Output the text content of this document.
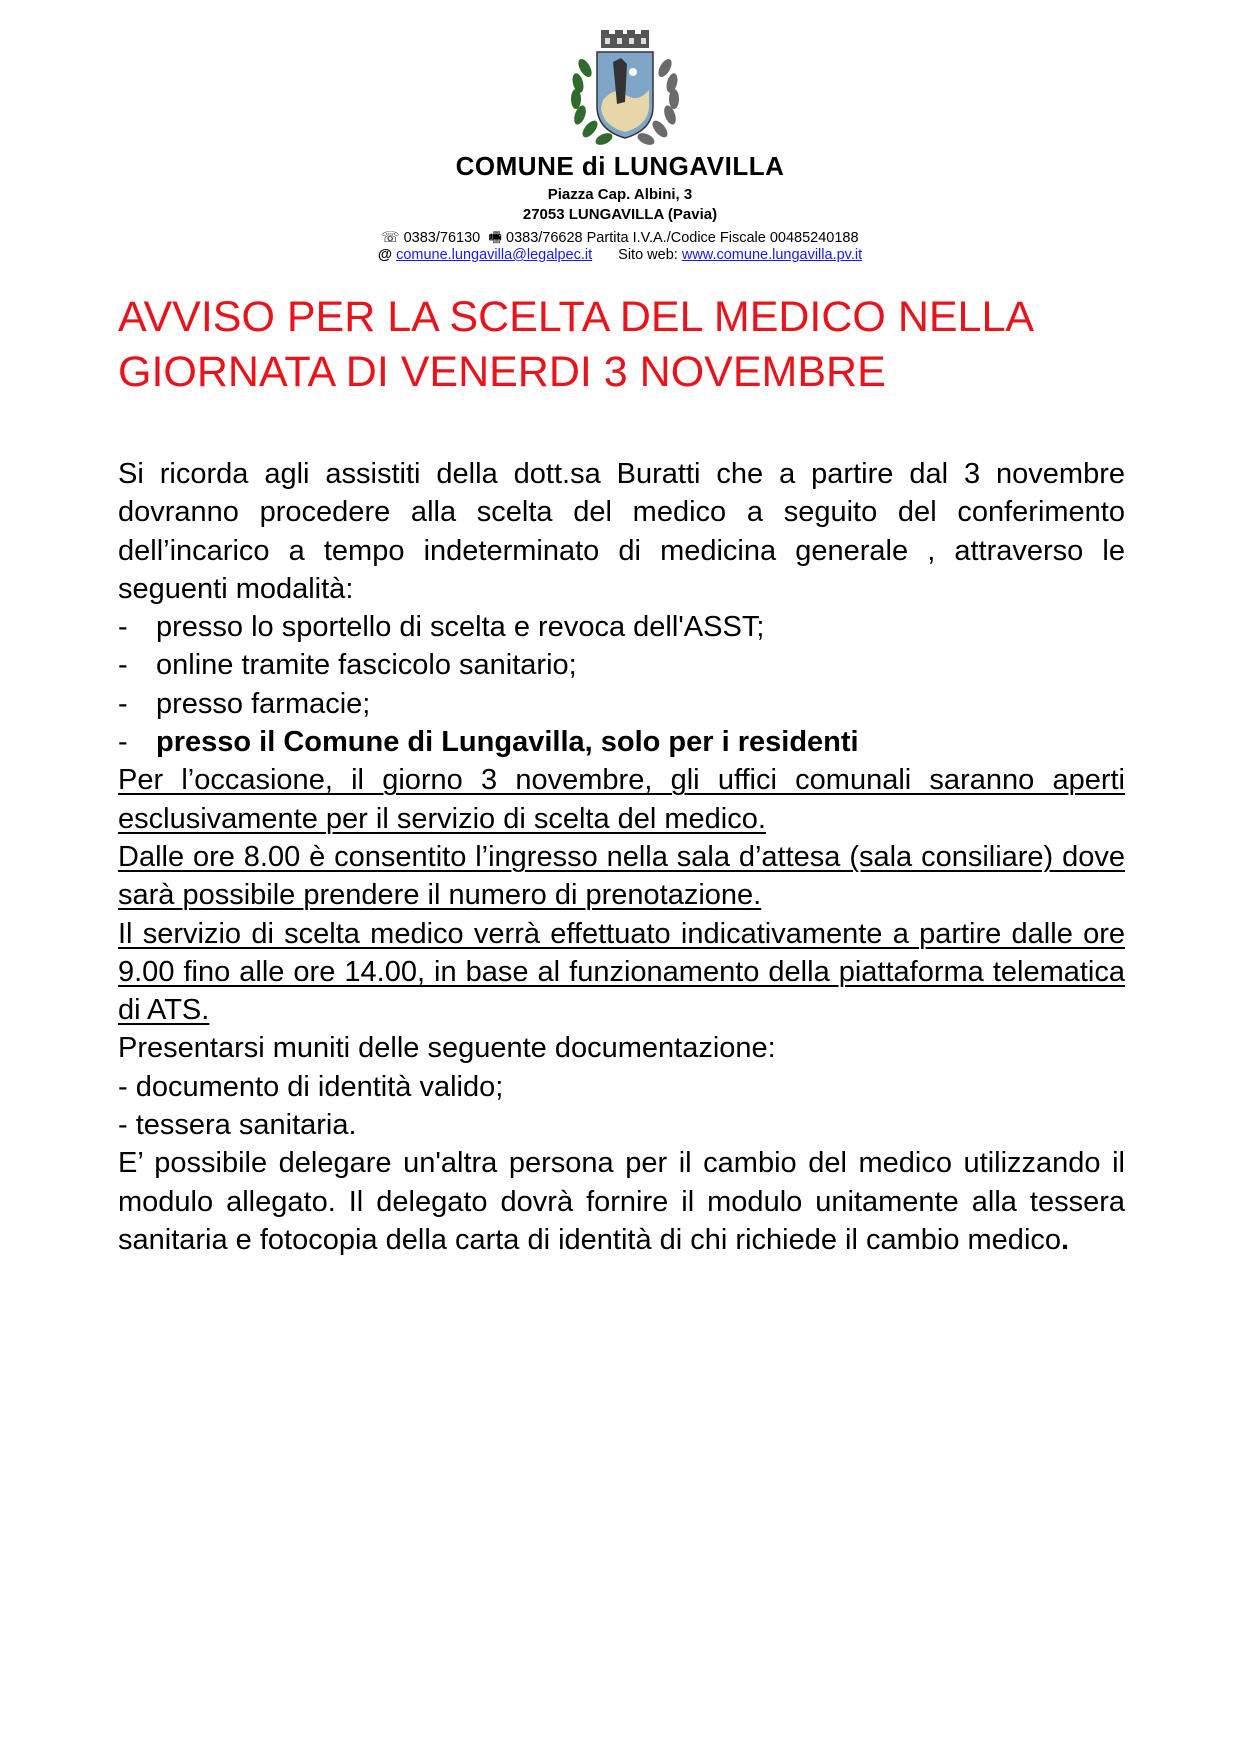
COMUNE di LUNGAVILLA
Piazza Cap. Albini, 3
27053 LUNGAVILLA (Pavia)
☏ 0383/76130 🖷 0383/76628 Partita I.V.A./Codice Fiscale 00485240188
@ comune.lungavilla@legalpec.it Sito web: www.comune.lungavilla.pv.it
AVVISO PER LA SCELTA DEL MEDICO NELLA
GIORNATA DI VENERDI 3 NOVEMBRE
Si ricorda agli assistiti della dott.sa Buratti che a partire dal 3 novembre dovranno procedere alla scelta del medico a seguito del conferimento dell’incarico a tempo indeterminato di medicina generale , attraverso le seguenti modalità:
- presso lo sportello di scelta e revoca dell'ASST;
- online tramite fascicolo sanitario;
- presso farmacie;
- presso il Comune di Lungavilla, solo per i residenti
Per l’occasione, il giorno 3 novembre, gli uffici comunali saranno aperti esclusivamente per il servizio di scelta del medico.
Dalle ore 8.00 è consentito l’ingresso nella sala d’attesa (sala consiliare) dove sarà possibile prendere il numero di prenotazione.
Il servizio di scelta medico verrà effettuato indicativamente a partire dalle ore 9.00 fino alle ore 14.00, in base al funzionamento della piattaforma telematica di ATS.
Presentarsi muniti delle seguente documentazione:
- documento di identità valido;
- tessera sanitaria.
E’ possibile delegare un'altra persona per il cambio del medico utilizzando il modulo allegato. Il delegato dovrà fornire il modulo unitamente alla tessera sanitaria e fotocopia della carta di identità di chi richiede il cambio medico.
